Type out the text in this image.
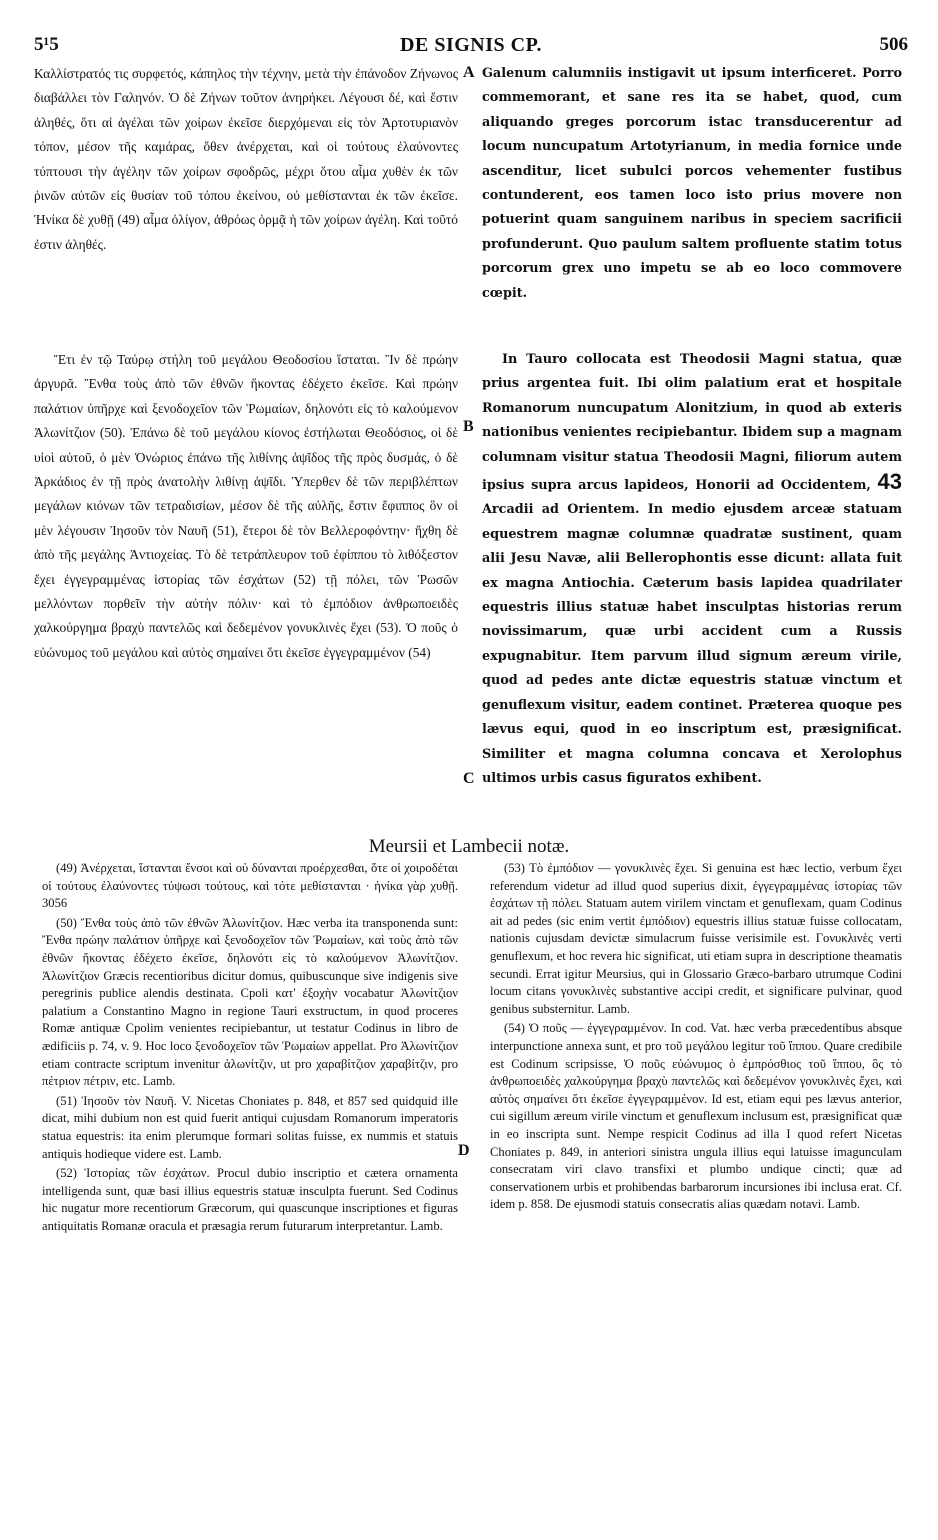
5¹5	DE SIGNIS CP.	506

Καλλίστρατός τις συρφετός, κάπηλος τὴν τέχνην, μετὰ τὴν ἐπάνοδον Ζήνωνος διαβάλλει τὸν Γαληνόν. Ὁ δὲ Ζήνων τοῦτον ἀνηρήκει. Λέγουσι δέ, καὶ ἔστιν ἀληθές, ὅτι αἱ ἀγέλαι τῶν χοίρων ἐκεῖσε διερχόμεναι εἰς τὸν Ἀρτοτυριανὸν τόπον, μέσον τῆς καμάρας, ὅθεν ἀνέρχεται, καὶ οἱ τούτους ἐλαύνοντες τύπτουσι τὴν ἀγέλην τῶν χοίρων σφοδρῶς, μέχρι ὅτου αἷμα χυθὲν ἐκ τῶν ῥινῶν αὐτῶν εἰς θυσίαν τοῦ τόπου ἐκείνου, οὐ μεθίστανται ἐκ τῶν ἐκεῖσε. Ἡνίκα δὲ χυθῇ (49) αἷμα ὀλίγον, ἀθρόως ὁρμᾷ ἡ τῶν χοίρων ἀγέλη. Καὶ τοῦτό ἐστιν ἀληθές.

Ἕτι ἐν τῷ Ταύρῳ στήλη τοῦ μεγάλου Θεοδοσίου ἵσταται. Ἲν δὲ πρώην ἀργυρᾶ. Ἔνθα τοὺς ἀπὸ τῶν ἐθνῶν ἥκοντας ἐδέχετο ἐκεῖσε. Καὶ πρώην παλάτιον ὑπῆρχε καὶ ξενοδοχεῖον τῶν Ῥωμαίων, δηλονότι εἰς τὸ καλούμενον Ἀλωνίτζιον (50). Ἐπάνω δὲ τοῦ μεγάλου κίονος ἐστήλωται Θεοδόσιος, οἱ δὲ υἱοὶ αὐτοῦ, ὁ μὲν Ὁνώριος ἐπάνω τῆς λιθίνης ἁψῖδος τῆς πρὸς δυσμάς, ὁ δὲ Ἀρκάδιος ἐν τῇ πρὸς ἀνατολὴν λιθίνῃ ἁψῖδι. Ὑπερθεν δὲ τῶν περιβλέπτων μεγάλων κιόνων τῶν τετραδισίων, μέσον δὲ τῆς αὐλῆς, ἔστιν ἔφιππος ὃν οἱ μὲν λέγουσιν Ἰησοῦν τὸν Ναυῆ (51), ἕτεροι δὲ τὸν Βελλεροφόντην· ἤχθη δὲ ἀπὸ τῆς μεγάλης Ἀντιοχείας. Τὸ δὲ τετράπλευρον τοῦ ἐφίππου τὸ λιθόξεστον ἔχει ἐγγεγραμμένας ἱστορίας τῶν ἐσχάτων (52) τῇ πόλει, τῶν Ῥωσῶν μελλόντων πορθεῖν τὴν αὐτὴν πόλιν· καὶ τὸ ἐμπόδιον ἀνθρωποειδὲς χαλκούργημα βραχὺ παντελῶς καὶ δεδεμένον γονυκλινὲς ἔχει (53). Ὁ ποῦς ὁ εὐώνυμος τοῦ μεγάλου καὶ αὐτὸς σημαίνει ὅτι ἐκεῖσε ἐγγεγραμμένον (54)

A
B
C
D

Galenum calumniis instigavit ut ipsum interficeret. Porro commemorant, et sane res ita se habet, quod, cum aliquando greges porcorum istac transducerentur ad locum nuncupatum Artotyrianum, in media fornice unde ascenditur, licet subulci porcos vehementer fustibus contunderent, eos tamen loco isto prius movere non potuerint quam sanguinem naribus in speciem sacrificii profunderunt. Quo paulum saltem profluente statim totus porcorum grex uno impetu se ab eo loco commovere cœpit.

In Tauro collocata est Theodosii Magni statua, quæ prius argentea fuit. Ibi olim palatium erat et hospitale Romanorum nuncupatum Alonitzium, in quod ab exteris nationibus venientes recipiebantur. Ibidem sup a magnam columnam visitur statua Theodosii Magni, filiorum autem ipsius supra arcus lapideos, Honorii ad Occidentem, 43 Arcadii ad Orientem. In medio ejusdem arceæ statuam equestrem magnæ columnæ quadratæ sustinent, quam alii Jesu Navæ, alii Bellerophontis esse dicunt: allata fuit ex magna Antiochia. Cæterum basis lapidea quadrilater equestris illius statuæ habet insculptas historias rerum novissimarum, quæ urbi accident cum a Russis expugnabitur. Item parvum illud signum æreum virile, quod ad pedes ante dictæ equestris statuæ vinctum et genuflexum visitur, eadem continet. Præterea quoque pes lævus equi, quod in eo inscriptum est, præsignificat. Similiter et magna columna concava et Xerolophus ultimos urbis casus figuratos exhibent.

Meursii et Lambecii notæ.

(49) Ἀνέρχεται, ἵστανται ἔνσοι καὶ οὐ δύνανται προέρχεσθαι, ὅτε οἱ χοιροδέται οἱ τούτους ἐλαύνοντες τύψωσι τούτους, καὶ τότε μεθίστανται · ἡνίκα γὰρ χυθῇ. 3056

(50) Ἔνθα τοὺς ἀπὸ τῶν ἐθνῶν Ἀλωνίτζιον. Hæc verba ita transponenda sunt: Ἔνθα πρώην παλάτιον ὑπῆρχε καὶ ξενοδοχεῖον τῶν Ῥωμαίων, καὶ τοὺς ἀπὸ τῶν ἐθνῶν ἥκοντας ἐδέχετο ἐκεῖσε, δηλονότι εἰς τὸ καλούμενον Ἀλωνίτζιον. Ἀλωνίτζιον Græcis recentioribus dicitur domus, quibuscunque sive indigenis sive peregrinis publice alendis destinata. Cpoli κατ' ἐξοχὴν vocabatur Ἀλωνίτζιον palatium a Constantino Magno in regione Tauri exstructum, in quod proceres Romæ antiquæ Cpolim venientes recipiebantur, ut testatur Codinus in libro de ædificiis p. 74, v. 9. Hoc loco ξενοδοχεῖον τῶν Ῥωμαίων appellat. Pro Ἀλωνίτζιον etiam contracte scriptum invenitur ἀλωνίτζιν, ut pro χαραβίτζιον χαραβίτζιν, pro πέτριον πέτριν, etc. Lamb.

(51) Ἰησοῦν τὸν Ναυῆ. V. Nicetas Choniates p. 848, et 857 sed quidquid ille dicat, mihi dubium non est quid fuerit antiqui cujusdam Romanorum imperatoris statua equestris: ita enim plerumque formari solitas fuisse, ex nummis et statuis antiquis hodieque videre est. Lamb.

(52) Ἱστορίας τῶν ἐσχάτων. Procul dubio inscriptio et cætera ornamenta intelligenda sunt, quæ basi illius equestris statuæ insculpta fuerunt. Sed Codinus hic nugatur more recentiorum Græcorum, qui quascunque inscriptiones et figuras antiquitatis Romanæ oracula et præsagia rerum futurarum interpretantur. Lamb.

(53) Τὸ ἐμπόδιον — γονυκλινὲς ἔχει. Si genuina est hæc lectio, verbum ἔχει referendum videtur ad illud quod superius dixit, ἐγγεγραμμένας ἱστορίας τῶν ἐσχάτων τῇ πόλει. Statuam autem virilem vinctam et genuflexam, quam Codinus ait ad pedes (sic enim vertit ἐμπόδιον) equestris illius statuæ fuisse collocatam, nationis cujusdam devictæ simulacrum fuisse verisimile est. Γονυκλινὲς verti genuflexum, et hoc revera hic significat, uti etiam supra in descriptione theamatis secundi. Errat igitur Meursius, qui in Glossario Græco-barbaro utrumque Codini locum citans γονυκλινὲς substantive accipi credit, et significare pulvinar, quod genibus substernitur. Lamb.

(54) Ὁ ποῦς — ἐγγεγραμμένον. In cod. Vat. hæc verba præcedentibus absque interpunctione annexa sunt, et pro τοῦ μεγάλου legitur τοῦ ἵππου. Quare credibile est Codinum scripsisse, Ὁ ποῦς εὐώνυμος ὁ ἐμπρόσθιος τοῦ ἵππου, ὃς τὸ ἀνθρωποειδὲς χαλκούργημα βραχὺ παντελῶς καὶ δεδεμένον γονυκλινὲς ἔχει, καὶ αὐτὸς σημαίνει ὅτι ἐκεῖσε ἐγγεγραμμένον. Id est, etiam equi pes lævus anterior, cui sigillum æreum virile vinctum et genuflexum inclusum est, præsignificat quæ in eo inscripta sunt. Nempe respicit Codinus ad illa I quod refert Nicetas Choniates p. 849, in anteriori sinistra ungula illius equi latuisse imagunculam consecratam viri clavo transfixi et plumbo undique cincti; quæ ad conservationem urbis et prohibendas barbarorum incursiones ibi inclusa erat. Cf. idem p. 858. De ejusmodi statuis consecratis alias quædam notavi. Lamb.
